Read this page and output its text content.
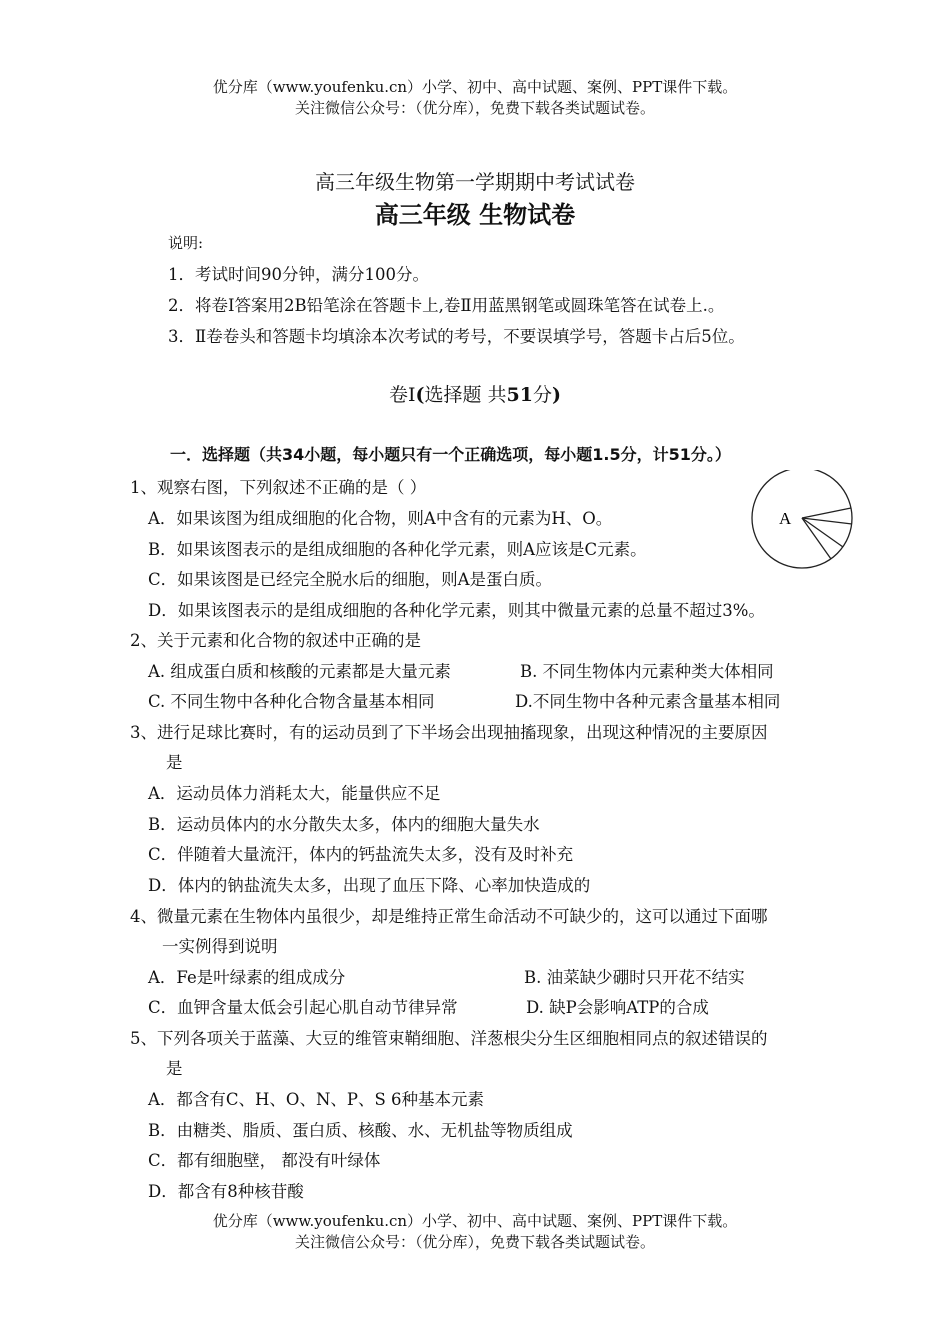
优分库（www.youfenku.cn）小学、初中、高中试题、案例、PPT课件下载。
关注微信公众号：（优分库），免费下载各类试题试卷。
高三年级生物第一学期期中考试试卷
高三年级 生物试卷
说明:
1．考试时间90分钟，满分100分。
2．将卷Ⅰ答案用2B铅笔涂在答题卡上,卷Ⅱ用蓝黑钢笔或圆珠笔答在试卷上.。
3．Ⅱ卷卷头和答题卡均填涂本次考试的考号，不要误填学号，答题卡占后5位。
卷Ⅰ(选择题 共51分)
一．选择题（共34小题，每小题只有一个正确选项，每小题1.5分，计51分。）
A
1、观察右图，下列叙述不正确的是（ ）
A．如果该图为组成细胞的化合物，则A中含有的元素为H、O。
B．如果该图表示的是组成细胞的各种化学元素，则A应该是C元素。
C．如果该图是已经完全脱水后的细胞，则A是蛋白质。
D．如果该图表示的是组成细胞的各种化学元素，则其中微量元素的总量不超过3%。
2、关于元素和化合物的叙述中正确的是
A. 组成蛋白质和核酸的元素都是大量元素	B. 不同生物体内元素种类大体相同
C. 不同生物中各种化合物含量基本相同	D.不同生物中各种元素含量基本相同
3、进行足球比赛时，有的运动员到了下半场会出现抽搐现象，出现这种情况的主要原因
是
A．运动员体力消耗太大，能量供应不足
B．运动员体内的水分散失太多，体内的细胞大量失水
C．伴随着大量流汗，体内的钙盐流失太多，没有及时补充
D．体内的钠盐流失太多，出现了血压下降、心率加快造成的
4、微量元素在生物体内虽很少，却是维持正常生命活动不可缺少的，这可以通过下面哪
一实例得到说明
A．Fe是叶绿素的组成成分	B. 油菜缺少硼时只开花不结实
C．血钾含量太低会引起心肌自动节律异常	D. 缺P会影响ATP的合成
5、下列各项关于蓝藻、大豆的维管束鞘细胞、洋葱根尖分生区细胞相同点的叙述错误的
是
A．都含有C、H、O、N、P、S 6种基本元素
B．由糖类、脂质、蛋白质、核酸、水、无机盐等物质组成
C．都有细胞壁， 都没有叶绿体
D．都含有8种核苷酸
优分库（www.youfenku.cn）小学、初中、高中试题、案例、PPT课件下载。
关注微信公众号：（优分库），免费下载各类试题试卷。
